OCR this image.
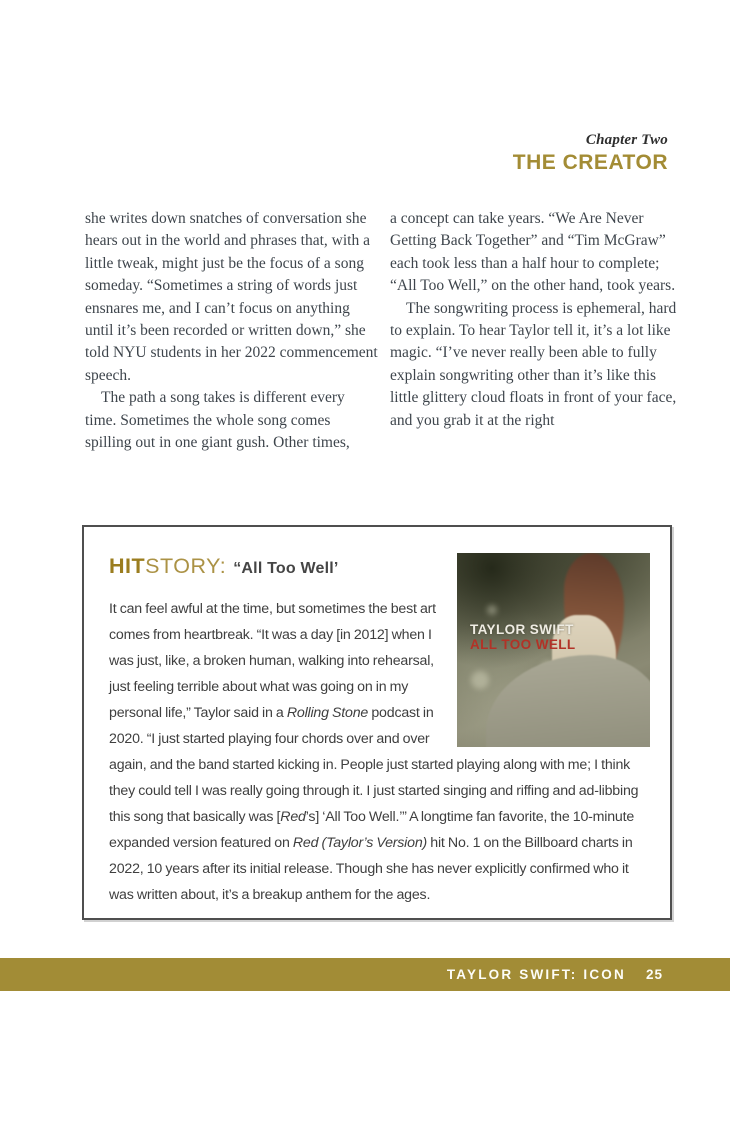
Chapter Two
THE CREATOR

she writes down snatches of conversation she hears out in the world and phrases that, with a little tweak, might just be the focus of a song someday. “Sometimes a string of words just ensnares me, and I can’t focus on anything until it’s been recorded or written down,” she told NYU students in her 2022 commencement speech.

The path a song takes is different every time. Sometimes the whole song comes spilling out in one giant gush. Other times,

a concept can take years. “We Are Never Getting Back Together” and “Tim McGraw” each took less than a half hour to complete; “All Too Well,” on the other hand, took years.

The songwriting process is ephemeral, hard to explain. To hear Taylor tell it, it’s a lot like magic. “I’ve never really been able to fully explain songwriting other than it’s like this little glittery cloud floats in front of your face, and you grab it at the right

TAYLOR SWIFT
ALL TOO WELL
HITSTORY: “All Too Well’

It can feel awful at the time, but sometimes the best art comes from heartbreak. “It was a day [in 2012] when I was just, like, a broken human, walking into rehearsal, just feeling terrible about what was going on in my personal life,” Taylor said in a Rolling Stone podcast in 2020. “I just started playing four chords over and over again, and the band started kicking in. People just started playing along with me; I think they could tell I was really going through it. I just started singing and riffing and ad-libbing this song that basically was [Red’s] ‘All Too Well.’” A longtime fan favorite, the 10-minute expanded version featured on Red (Taylor’s Version) hit No. 1 on the Billboard charts in 2022, 10 years after its initial release. Though she has never explicitly confirmed who it was written about, it’s a breakup anthem for the ages.

TAYLOR SWIFT: ICON 25
